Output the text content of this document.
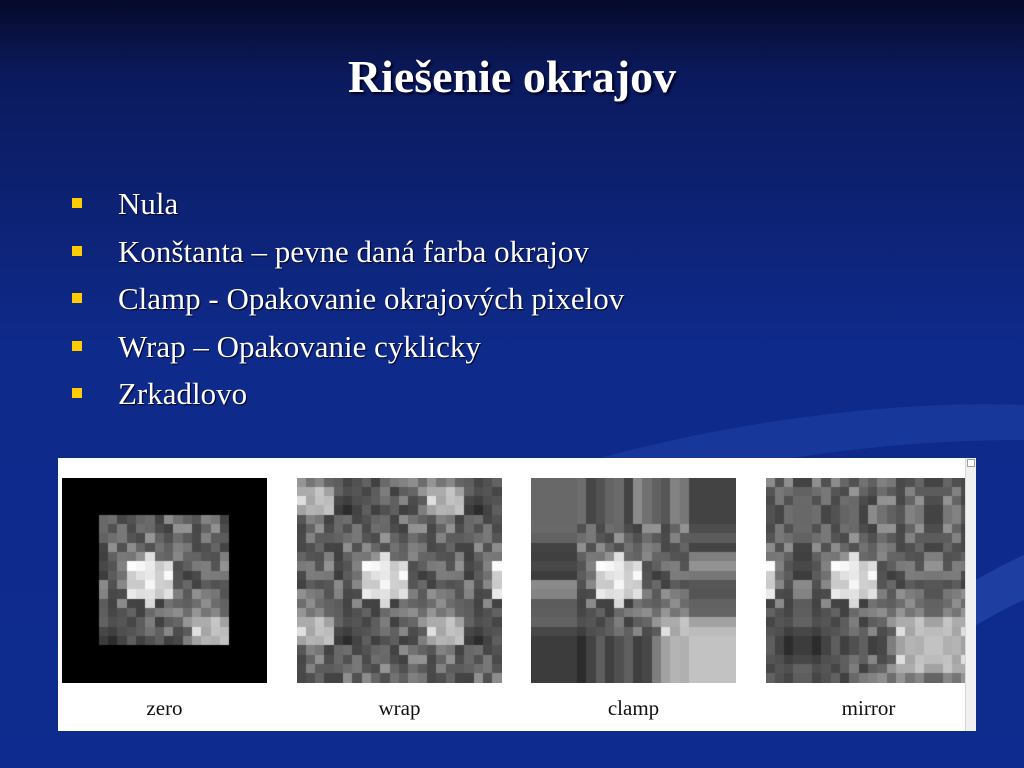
Riešenie okrajov
Nula
Konštanta – pevne daná farba okrajov
Clamp - Opakovanie okrajových pixelov
Wrap – Opakovanie cyklicky
Zrkadlovo
zero	wrap	clamp	mirror
